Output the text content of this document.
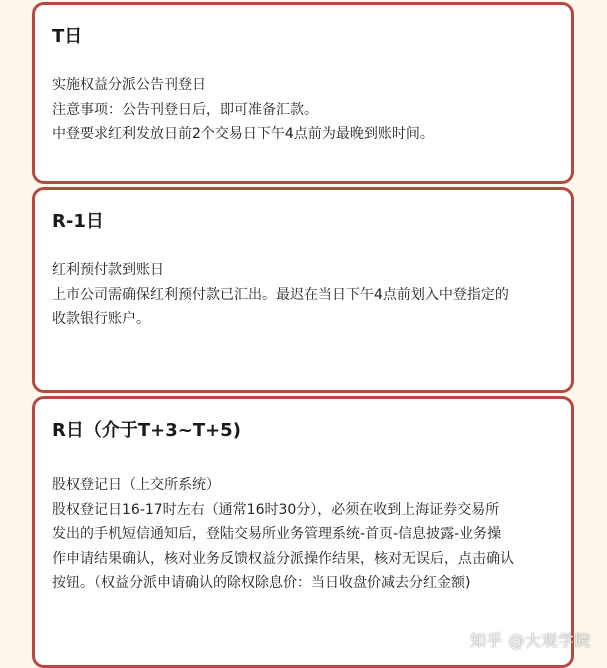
T日

实施权益分派公告刊登日

注意事项：公告刊登日后，即可准备汇款。

中登要求红利发放日前2个交易日下午4点前为最晚到账时间。

R-1日

红利预付款到账日

上市公司需确保红利预付款已汇出。最迟在当日下午4点前划入中登指定的

收款银行账户。

R日（介于T+3~T+5)

股权登记日（上交所系统）

股权登记日16-17时左右（通常16时30分），必须在收到上海证券交易所

发出的手机短信通知后，登陆交易所业务管理系统-首页-信息披露-业务操

作申请结果确认，核对业务反馈权益分派操作结果，核对无误后，点击确认

按钮。（权益分派申请确认的除权除息价：当日收盘价减去分红金额)

知乎 @大观学院
